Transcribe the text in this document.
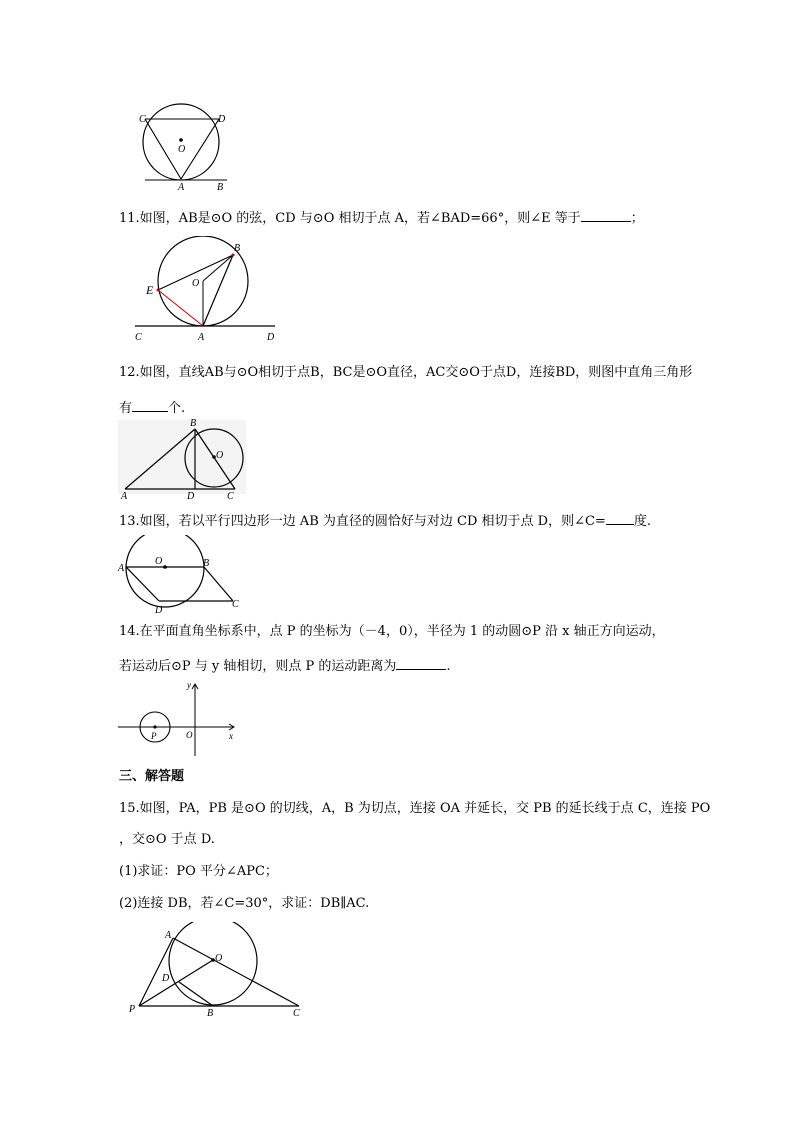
C	D
O
A	B
11.如图，AB是⊙O 的弦，CD 与⊙O 相切于点 A，若∠BAD=66°，则∠E 等于	；
B
E	O
C	A	D
12.如图，直线AB与⊙O相切于点B，BC是⊙O直径，AC交⊙O于点D，连接BD，则图中直角三角形
有	个.
B
O
A	D	C
13.如图，若以平行四边形一边 AB 为直径的圆恰好与对边 CD 相切于点 D，则∠C= 度.
A
O	B
D
C
14.在平面直角坐标系中，点 P 的坐标为（－4，0），半径为 1 的动圆⊙P 沿 x 轴正方向运动，
若运动后⊙P 与 y 轴相切，则点 P 的运动距离为	.
y
P	O	x
三、解答题
15.如图，PA，PB 是⊙O 的切线，A，B 为切点，连接 OA 并延长，交 PB 的延长线于点 C，连接 PO
，交⊙O 于点 D.
(1)求证：PO 平分∠APC；
(2)连接 DB，若∠C=30°，求证：DB∥AC.
A
O
D
P	B	C
